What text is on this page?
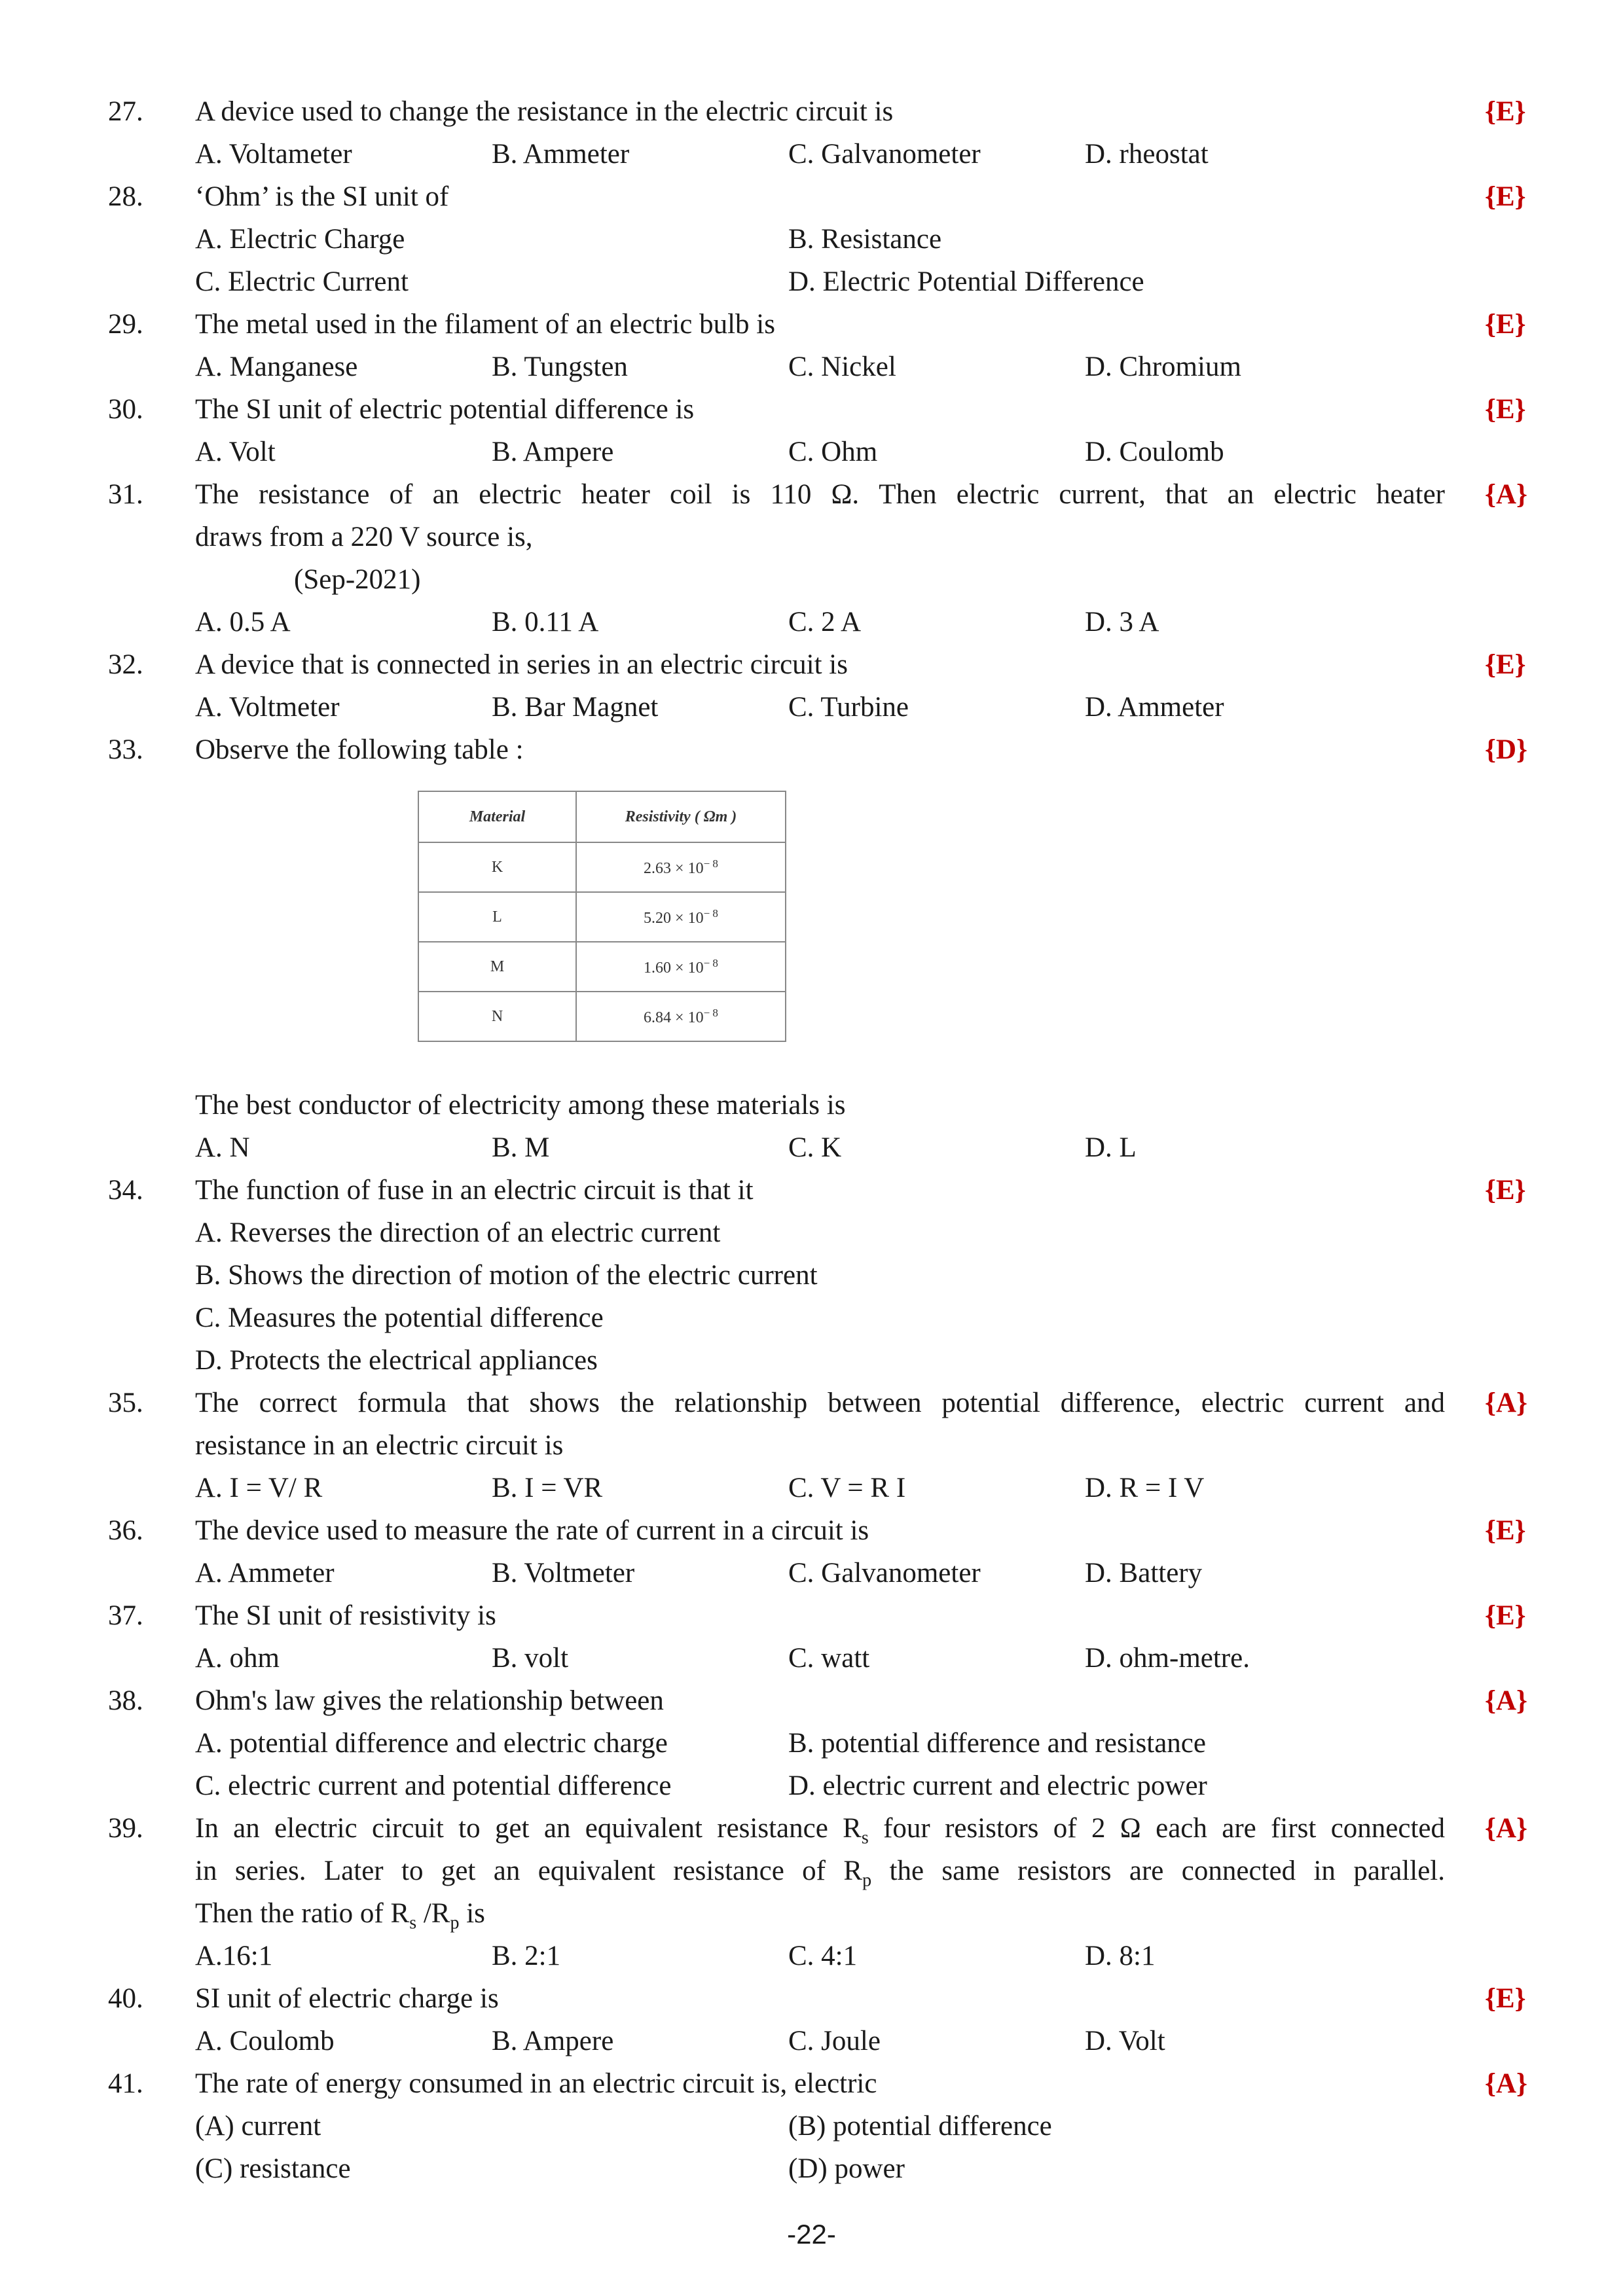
27. A device used to change the resistance in the electric circuit is	{E}
A. Voltameter	B. Ammeter	C. Galvanometer	D. rheostat
28. ‘Ohm’ is the SI unit of	{E}
A. Electric Charge	B. Resistance
C. Electric Current	D. Electric Potential Difference
29. The metal used in the filament of an electric bulb is	{E}
A. Manganese	B. Tungsten	C. Nickel	D. Chromium
30. The SI unit of electric potential difference is	{E}
A. Volt	B. Ampere	C. Ohm	D. Coulomb
31. The resistance of an electric heater coil is 110 Ω. Then electric current, that an electric heater {A}
draws from a 220 V source is,
(Sep-2021)
A. 0.5 A	B. 0.11 A	C. 2 A	D. 3 A
32. A device that is connected in series in an electric circuit is	{E}
A. Voltmeter	B. Bar Magnet	C. Turbine	D. Ammeter
33. Observe the following table :	{D}
Material	Resistivity ( Ωm )
K	$2.63 \times 10^{- 8}$
L	$5.20 \times 10^{- 8}$
M	$1.60 \times 10^{- 8}$
N	$6.84 \times 10^{- 8}$
The best conductor of electricity among these materials is
A. N	B. M	C. K	D. L
34. The function of fuse in an electric circuit is that it	{E}
A. Reverses the direction of an electric current
B. Shows the direction of motion of the electric current
C. Measures the potential difference
D. Protects the electrical appliances
35. The correct formula that shows the relationship between potential difference, electric current and {A}
resistance in an electric circuit is
A. I = V/ R	B. I = VR	C. V = R I	D. R = I V
36. The device used to measure the rate of current in a circuit is	{E}
A. Ammeter	B. Voltmeter	C. Galvanometer	D. Battery
37. The SI unit of resistivity is	{E}
A. ohm	B. volt	C. watt	D. ohm-metre.
38. Ohm's law gives the relationship between	{A}
A. potential difference and electric charge	B. potential difference and resistance
C. electric current and potential difference	D. electric current and electric power
39. In an electric circuit to get an equivalent resistance $R_s$ four resistors of 2 Ω each are first connected {A}
in series. Later to get an equivalent resistance of $R_p$ the same resistors are connected in parallel.
Then the ratio of $R_s$ $/R_p$ is
A.16:1	B. 2:1	C. 4:1	D. 8:1
40. SI unit of electric charge is	{E}
A. Coulomb	B. Ampere	C. Joule	D. Volt
41. The rate of energy consumed in an electric circuit is, electric	{A}
(A) current	(B) potential difference
(C) resistance	(D) power
-22-
